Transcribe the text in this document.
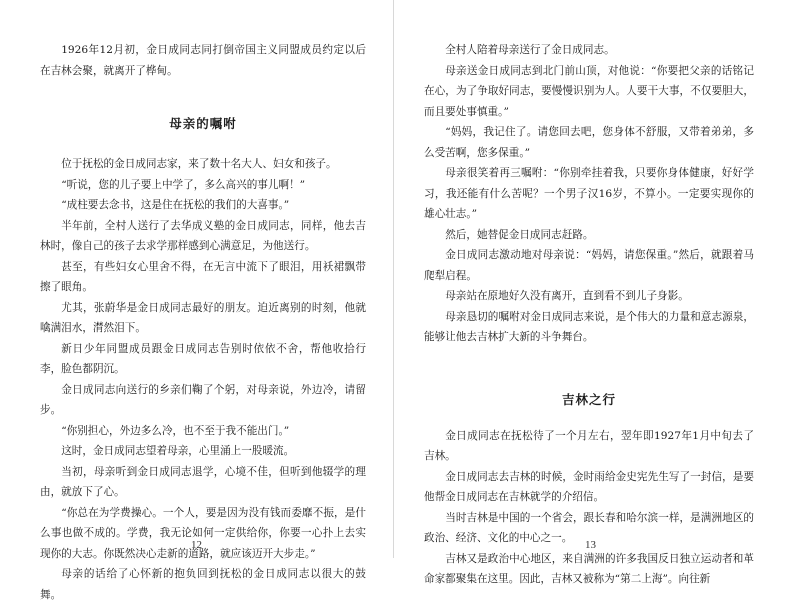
1926年12月初，金日成同志同打倒帝国主义同盟成员约定以后在吉林会聚，就离开了桦甸。

母亲的嘱咐

位于抚松的金日成同志家，来了数十名大人、妇女和孩子。

“听说，您的儿子要上中学了，多么高兴的事儿啊！”

“成柱要去念书，这是住在抚松的我们的大喜事。”

半年前，全村人送行了去华成义塾的金日成同志，同样，他去吉林时，像自己的孩子去求学那样感到心满意足，为他送行。

甚至，有些妇女心里舍不得，在无言中流下了眼泪，用袄裙飘带擦了眼角。

尤其，张蔚华是金日成同志最好的朋友。迫近离别的时刻，他就噙满泪水，潸然泪下。

新日少年同盟成员跟金日成同志告别时依依不舍，帮他收拾行李，脸色都阴沉。

金日成同志向送行的乡亲们鞠了个躬，对母亲说，外边冷，请留步。

“你别担心，外边多么冷，也不至于我不能出门。”

这时，金日成同志望着母亲，心里涌上一股暖流。

当初，母亲听到金日成同志退学，心境不佳，但听到他辍学的理由，就放下了心。

“你总在为学费操心。一个人，要是因为没有钱而委靡不振，是什么事也做不成的。学费，我无论如何一定供给你，你要一心扑上去实现你的大志。你既然决心走新的道路，就应该迈开大步走。”

母亲的话给了心怀新的抱负回到抚松的金日成同志以很大的鼓舞。

12

全村人陪着母亲送行了金日成同志。

母亲送金日成同志到北门前山顶，对他说：“你要把父亲的话铭记在心，为了争取好同志，要慢慢识别为人。人要干大事，不仅要胆大，而且要处事慎重。”

“妈妈，我记住了。请您回去吧，您身体不舒服，又带着弟弟，多么受苦啊，您多保重。”

母亲很笑着再三嘱咐：“你别牵挂着我，只要你身体健康，好好学习，我还能有什么苦呢？一个男子汉16岁，不算小。一定要实现你的雄心壮志。”

然后，她替促金日成同志赶路。

金日成同志激动地对母亲说：“妈妈，请您保重。”然后，就跟着马爬犁启程。

母亲站在原地好久没有离开，直到看不到儿子身影。

母亲恳切的嘱咐对金日成同志来说，是个伟大的力量和意志源泉，能够让他去吉林扩大新的斗争舞台。

吉林之行

金日成同志在抚松待了一个月左右，翌年即1927年1月中旬去了吉林。

金日成同志去吉林的时候，金时雨给金史宪先生写了一封信，是要他帮金日成同志在吉林就学的介绍信。

当时吉林是中国的一个省会，跟长春和哈尔滨一样，是满洲地区的政治、经济、文化的中心之一。

吉林又是政治中心地区，来自满洲的许多我国反日独立运动者和革命家都聚集在这里。因此，吉林又被称为“第二上海”。向往新

13
